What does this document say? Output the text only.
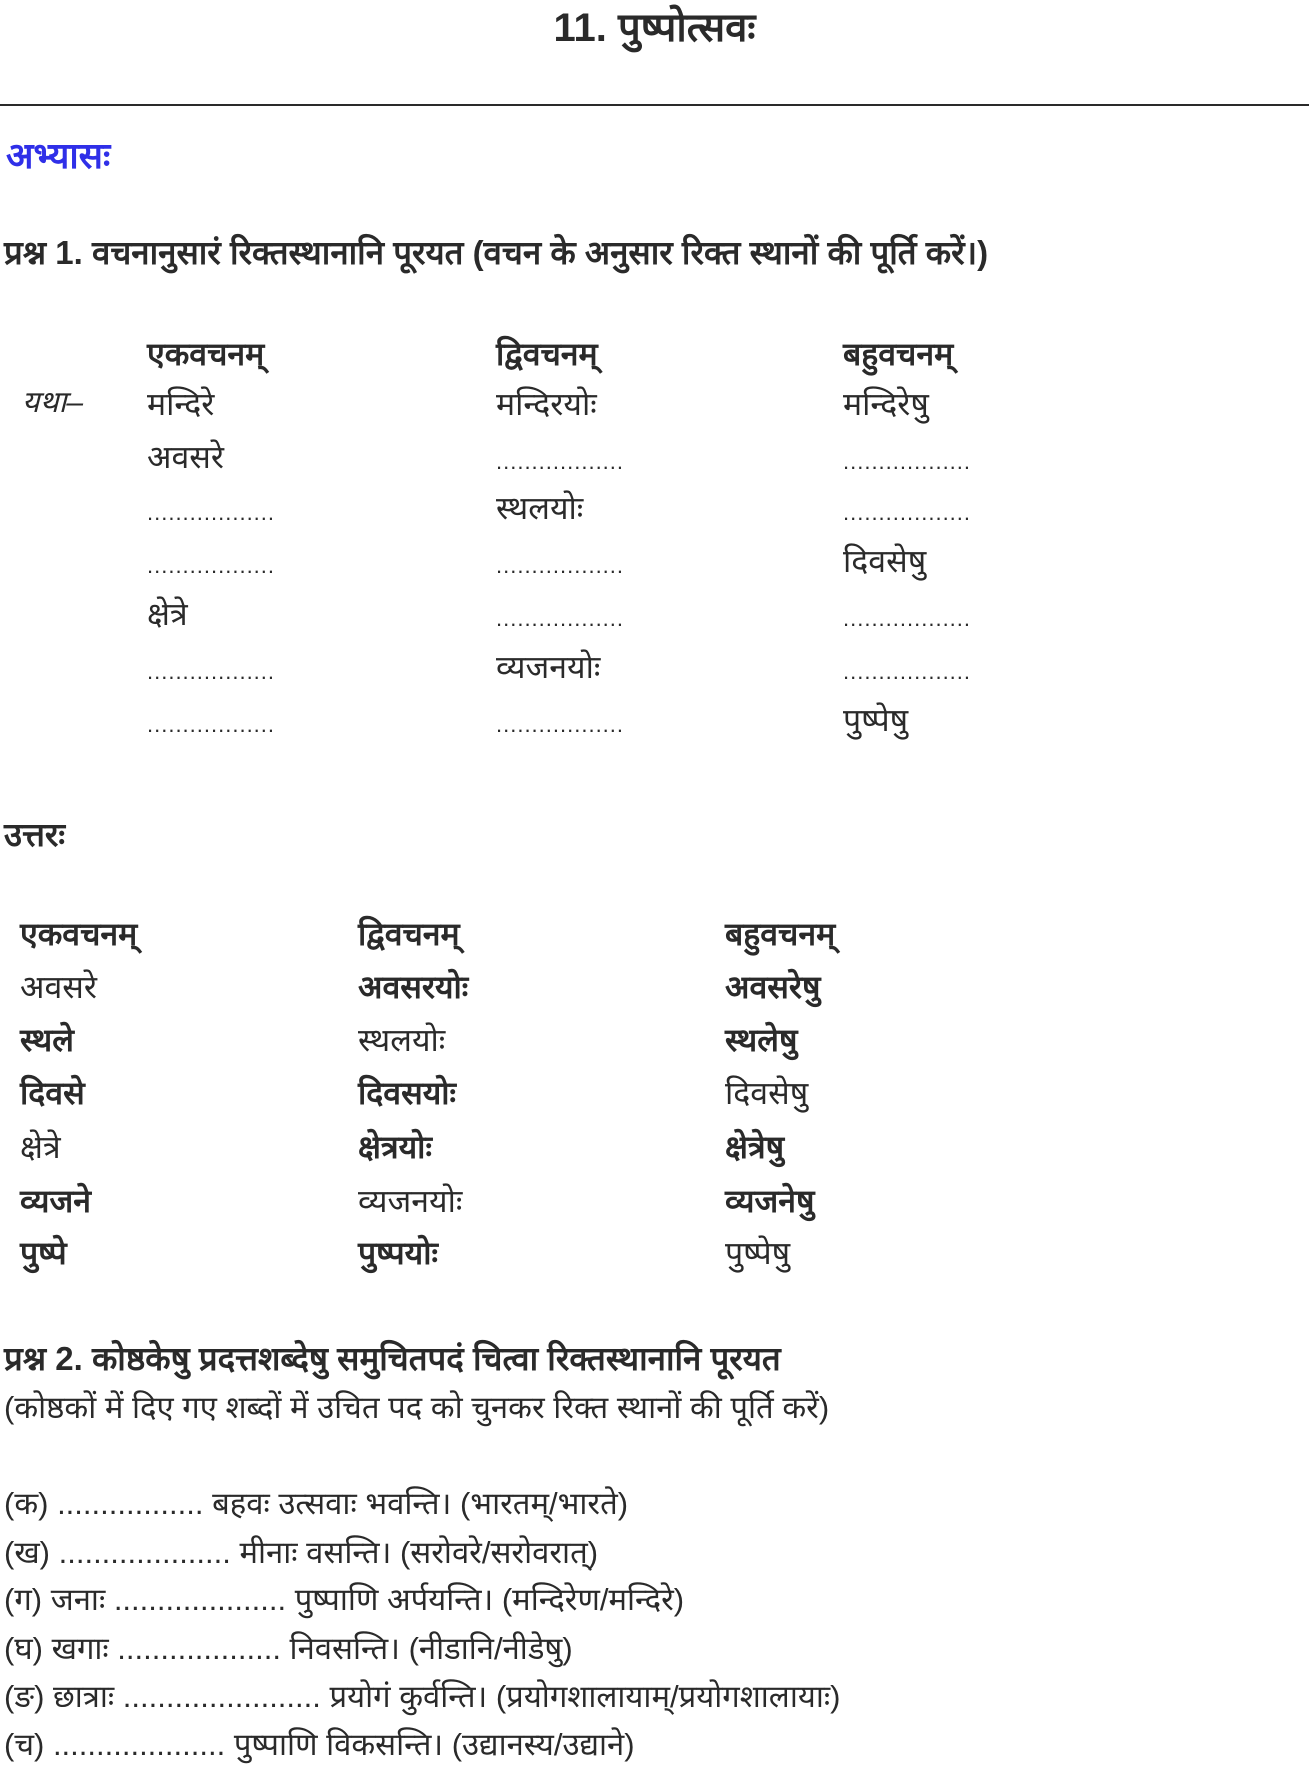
11. पुष्पोत्सवः
अभ्यासः
प्रश्न 1. वचनानुसारं रिक्तस्थानानि पूरयत (वचन के अनुसार रिक्त स्थानों की पूर्ति करें।)
यथा–
एकवचनम्	द्विवचनम्	बहुवचनम्
मन्दिरे	मन्दिरयोः	मन्दिरेषु
अवसरे	..................	..................
..................	स्थलयोः	..................
..................	..................	दिवसेषु
क्षेत्रे	..................	..................
..................	व्यजनयोः	..................
..................	..................	पुष्पेषु
उत्तरः
एकवचनम्	द्विवचनम्	बहुवचनम्
अवसरे	अवसरयोः	अवसरेषु
स्थले	स्थलयोः	स्थलेषु
दिवसे	दिवसयोः	दिवसेषु
क्षेत्रे	क्षेत्रयोः	क्षेत्रेषु
व्यजने	व्यजनयोः	व्यजनेषु
पुष्पे	पुष्पयोः	पुष्पेषु
प्रश्न 2. कोष्ठकेषु प्रदत्तशब्देषु समुचितपदं चित्वा रिक्तस्थानानि पूरयत
(कोष्ठकों में दिए गए शब्दों में उचित पद को चुनकर रिक्त स्थानों की पूर्ति करें)
(क) ................. बहवः उत्सवाः भवन्ति। (भारतम्/भारते)
(ख) .................... मीनाः वसन्ति। (सरोवरे/सरोवरात्)
(ग) जनाः .................... पुष्पाणि अर्पयन्ति। (मन्दिरेण/मन्दिरे)
(घ) खगाः ................... निवसन्ति। (नीडानि/नीडेषु)
(ङ) छात्राः ....................... प्रयोगं कुर्वन्ति। (प्रयोगशालायाम्/प्रयोगशालायाः)
(च) .................... पुष्पाणि विकसन्ति। (उद्यानस्य/उद्याने)
